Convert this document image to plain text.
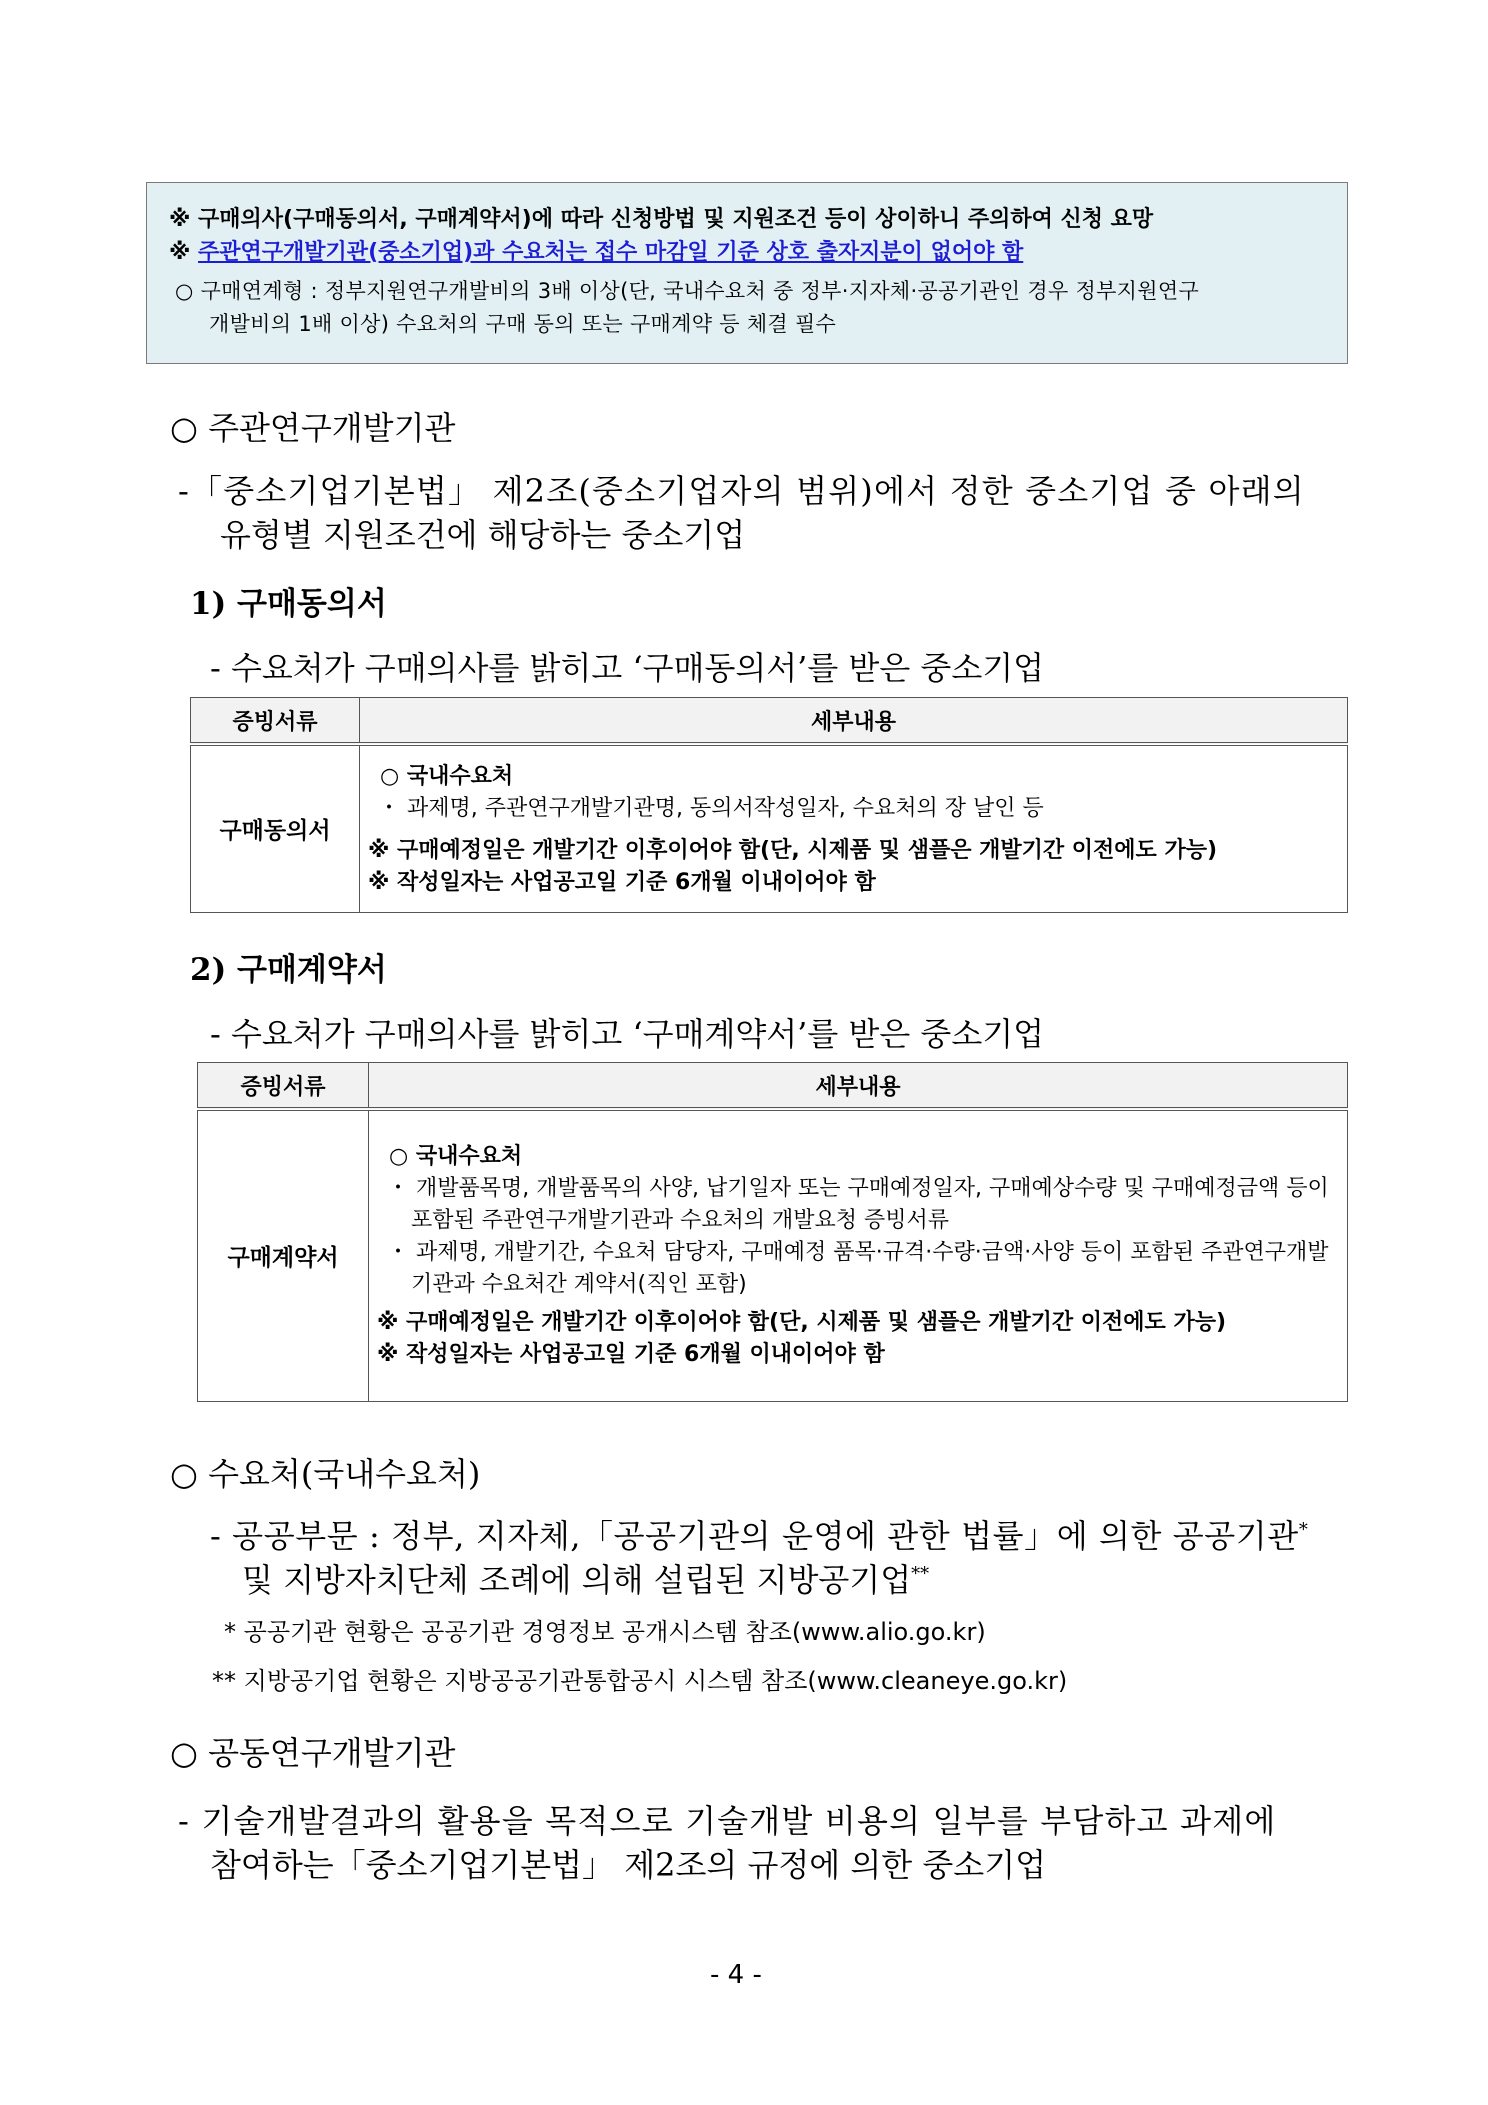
※ 구매의사(구매동의서, 구매계약서)에 따라 신청방법 및 지원조건 등이 상이하니 주의하여 신청 요망
※ 주관연구개발기관(중소기업)과 수요처는 접수 마감일 기준 상호 출자지분이 없어야 함
○ 구매연계형 : 정부지원연구개발비의 3배 이상(단, 국내수요처 중 정부·지자체·공공기관인 경우 정부지원연구
개발비의 1배 이상) 수요처의 구매 동의 또는 구매계약 등 체결 필수
○ 주관연구개발기관
-「중소기업기본법」 제2조(중소기업자의 범위)에서 정한 중소기업 중 아래의
유형별 지원조건에 해당하는 중소기업
1) 구매동의서
- 수요처가 구매의사를 밝히고 ‘구매동의서’를 받은 중소기업
증빙서류	세부내용
구매동의서	○ 국내수요처
・ 과제명, 주관연구개발기관명, 동의서작성일자, 수요처의 장 날인 등
※ 구매예정일은 개발기간 이후이어야 함(단, 시제품 및 샘플은 개발기간 이전에도 가능)
※ 작성일자는 사업공고일 기준 6개월 이내이어야 함
2) 구매계약서
- 수요처가 구매의사를 밝히고 ‘구매계약서’를 받은 중소기업
증빙서류	세부내용
구매계약서	○ 국내수요처
・ 개발품목명, 개발품목의 사양, 납기일자 또는 구매예정일자, 구매예상수량 및 구매예정금액 등이 포함된 주관연구개발기관과 수요처의 개발요청 증빙서류
・ 과제명, 개발기간, 수요처 담당자, 구매예정 품목·규격·수량·금액·사양 등이 포함된 주관연구개발기관과 수요처간 계약서(직인 포함)
※ 구매예정일은 개발기간 이후이어야 함(단, 시제품 및 샘플은 개발기간 이전에도 가능)
※ 작성일자는 사업공고일 기준 6개월 이내이어야 함
○ 수요처(국내수요처)
- 공공부문 : 정부, 지자체,「공공기관의 운영에 관한 법률」에 의한 공공기관*
및 지방자치단체 조례에 의해 설립된 지방공기업**
* 공공기관 현황은 공공기관 경영정보 공개시스템 참조(www.alio.go.kr)
** 지방공기업 현황은 지방공공기관통합공시 시스템 참조(www.cleaneye.go.kr)
○ 공동연구개발기관
- 기술개발결과의 활용을 목적으로 기술개발 비용의 일부를 부담하고 과제에
참여하는「중소기업기본법」 제2조의 규정에 의한 중소기업
- 4 -
